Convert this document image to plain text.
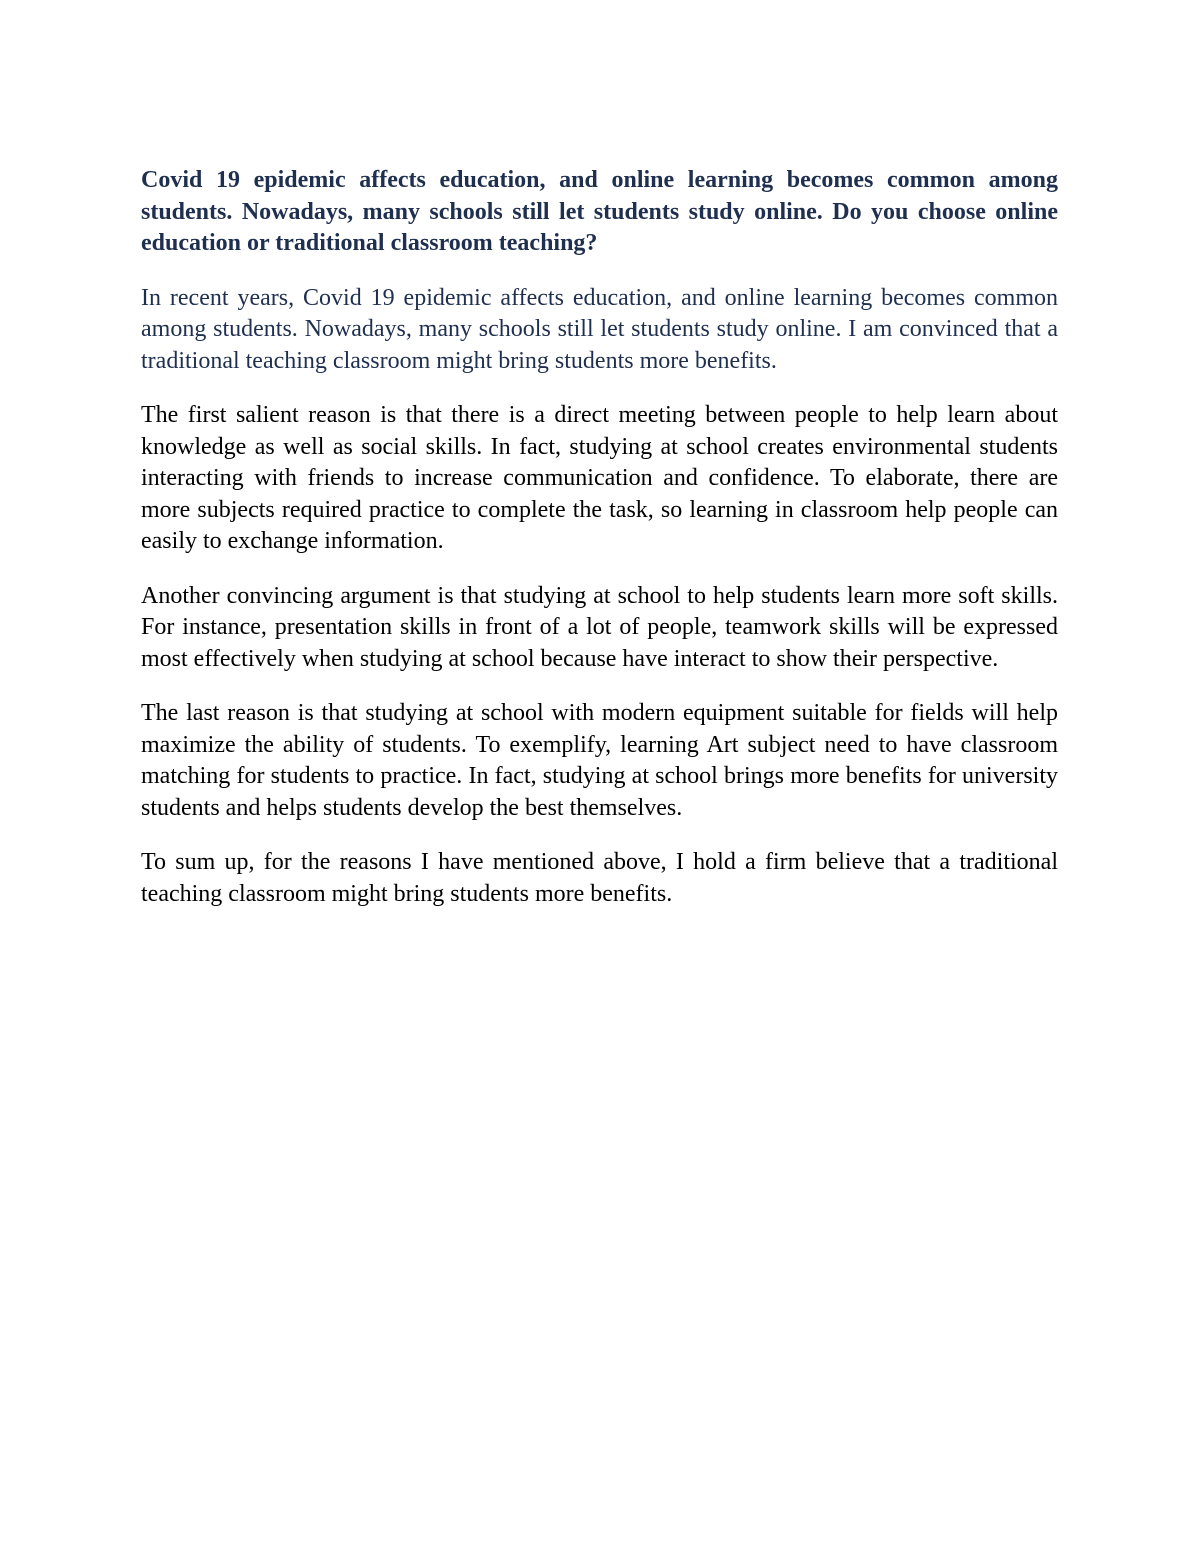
Covid 19 epidemic affects education, and online learning becomes common among students. Nowadays, many schools still let students study online. Do you choose online education or traditional classroom teaching?

In recent years, Covid 19 epidemic affects education, and online learning becomes common among students. Nowadays, many schools still let students study online. I am convinced that a traditional teaching classroom might bring students more benefits.

The first salient reason is that there is a direct meeting between people to help learn about knowledge as well as social skills. In fact, studying at school creates environmental students interacting with friends to increase communication and confidence. To elaborate, there are more subjects required practice to complete the task, so learning in classroom help people can easily to exchange information.

Another convincing argument is that studying at school to help students learn more soft skills. For instance, presentation skills in front of a lot of people, teamwork skills will be expressed most effectively when studying at school because have interact to show their perspective.

The last reason is that studying at school with modern equipment suitable for fields will help maximize the ability of students. To exemplify, learning Art subject need to have classroom matching for students to practice. In fact, studying at school brings more benefits for university students and helps students develop the best themselves.

To sum up, for the reasons I have mentioned above, I hold a firm believe that a traditional teaching classroom might bring students more benefits.
